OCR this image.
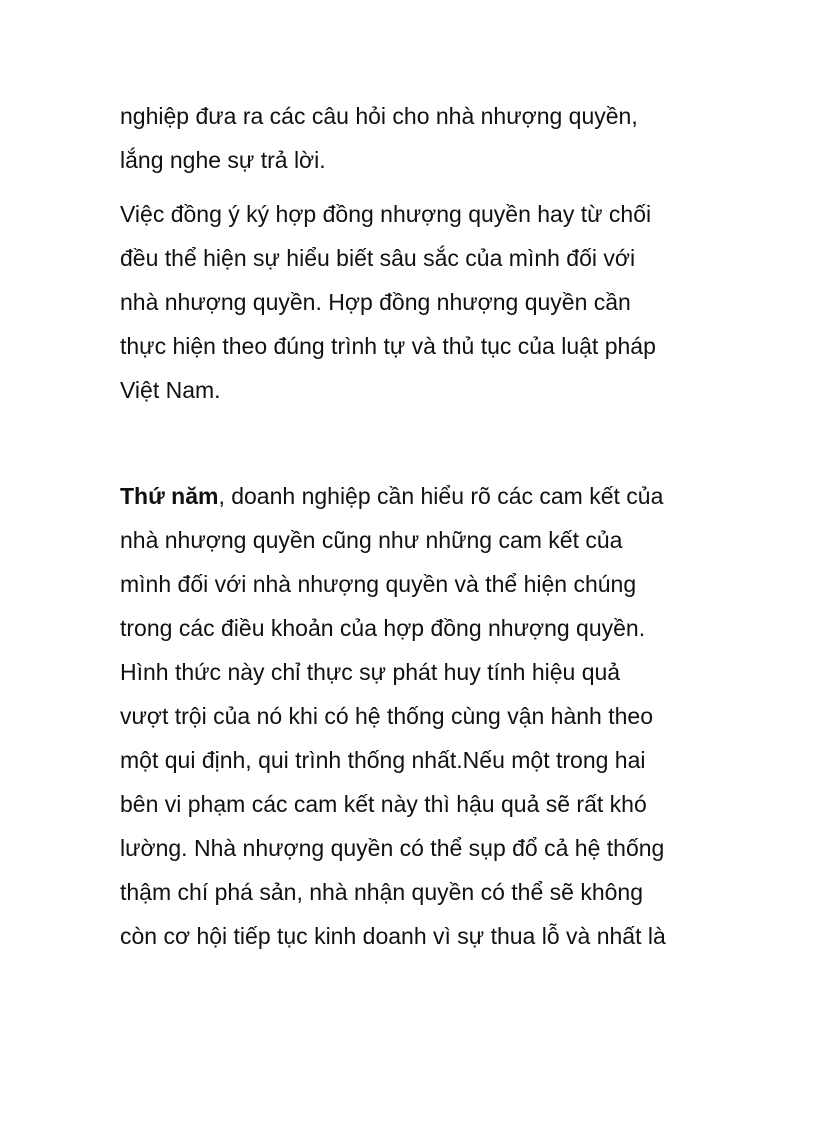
nghiệp đưa ra các câu hỏi cho nhà nhượng quyền,

lắng nghe sự trả lời.

Việc đồng ý ký hợp đồng nhượng quyền hay từ chối

đều thể hiện sự hiểu biết sâu sắc của mình đối với

nhà nhượng quyền. Hợp đồng nhượng quyền cần

thực hiện theo đúng trình tự và thủ tục của luật pháp

Việt Nam.

Thứ năm, doanh nghiệp cần hiểu rõ các cam kết của

nhà nhượng quyền cũng như những cam kết của

mình đối với nhà nhượng quyền và thể hiện chúng

trong các điều khoản của hợp đồng nhượng quyền.

Hình thức này chỉ thực sự phát huy tính hiệu quả

vượt trội của nó khi có hệ thống cùng vận hành theo

một qui định, qui trình thống nhất.Nếu một trong hai

bên vi phạm các cam kết này thì hậu quả sẽ rất khó

lường. Nhà nhượng quyền có thể sụp đổ cả hệ thống

thậm chí phá sản, nhà nhận quyền có thể sẽ không

còn cơ hội tiếp tục kinh doanh vì sự thua lỗ và nhất là
